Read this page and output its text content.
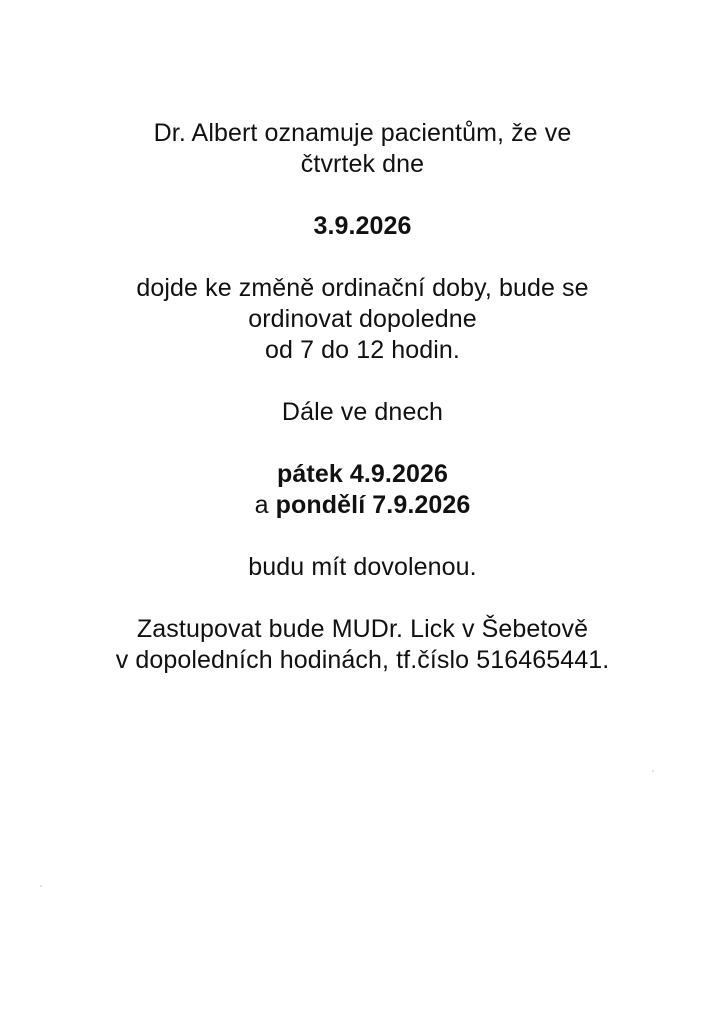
Dr. Albert oznamuje pacientům, že ve
čtvrtek dne

3.9.2026

dojde ke změně ordinační doby, bude se
ordinovat dopoledne
od 7 do 12 hodin.

Dále ve dnech

pátek 4.9.2026
a pondělí 7.9.2026

budu mít dovolenou.

Zastupovat bude MUDr. Lick v Šebetově
v dopoledních hodinách, tf.číslo 516465441.
